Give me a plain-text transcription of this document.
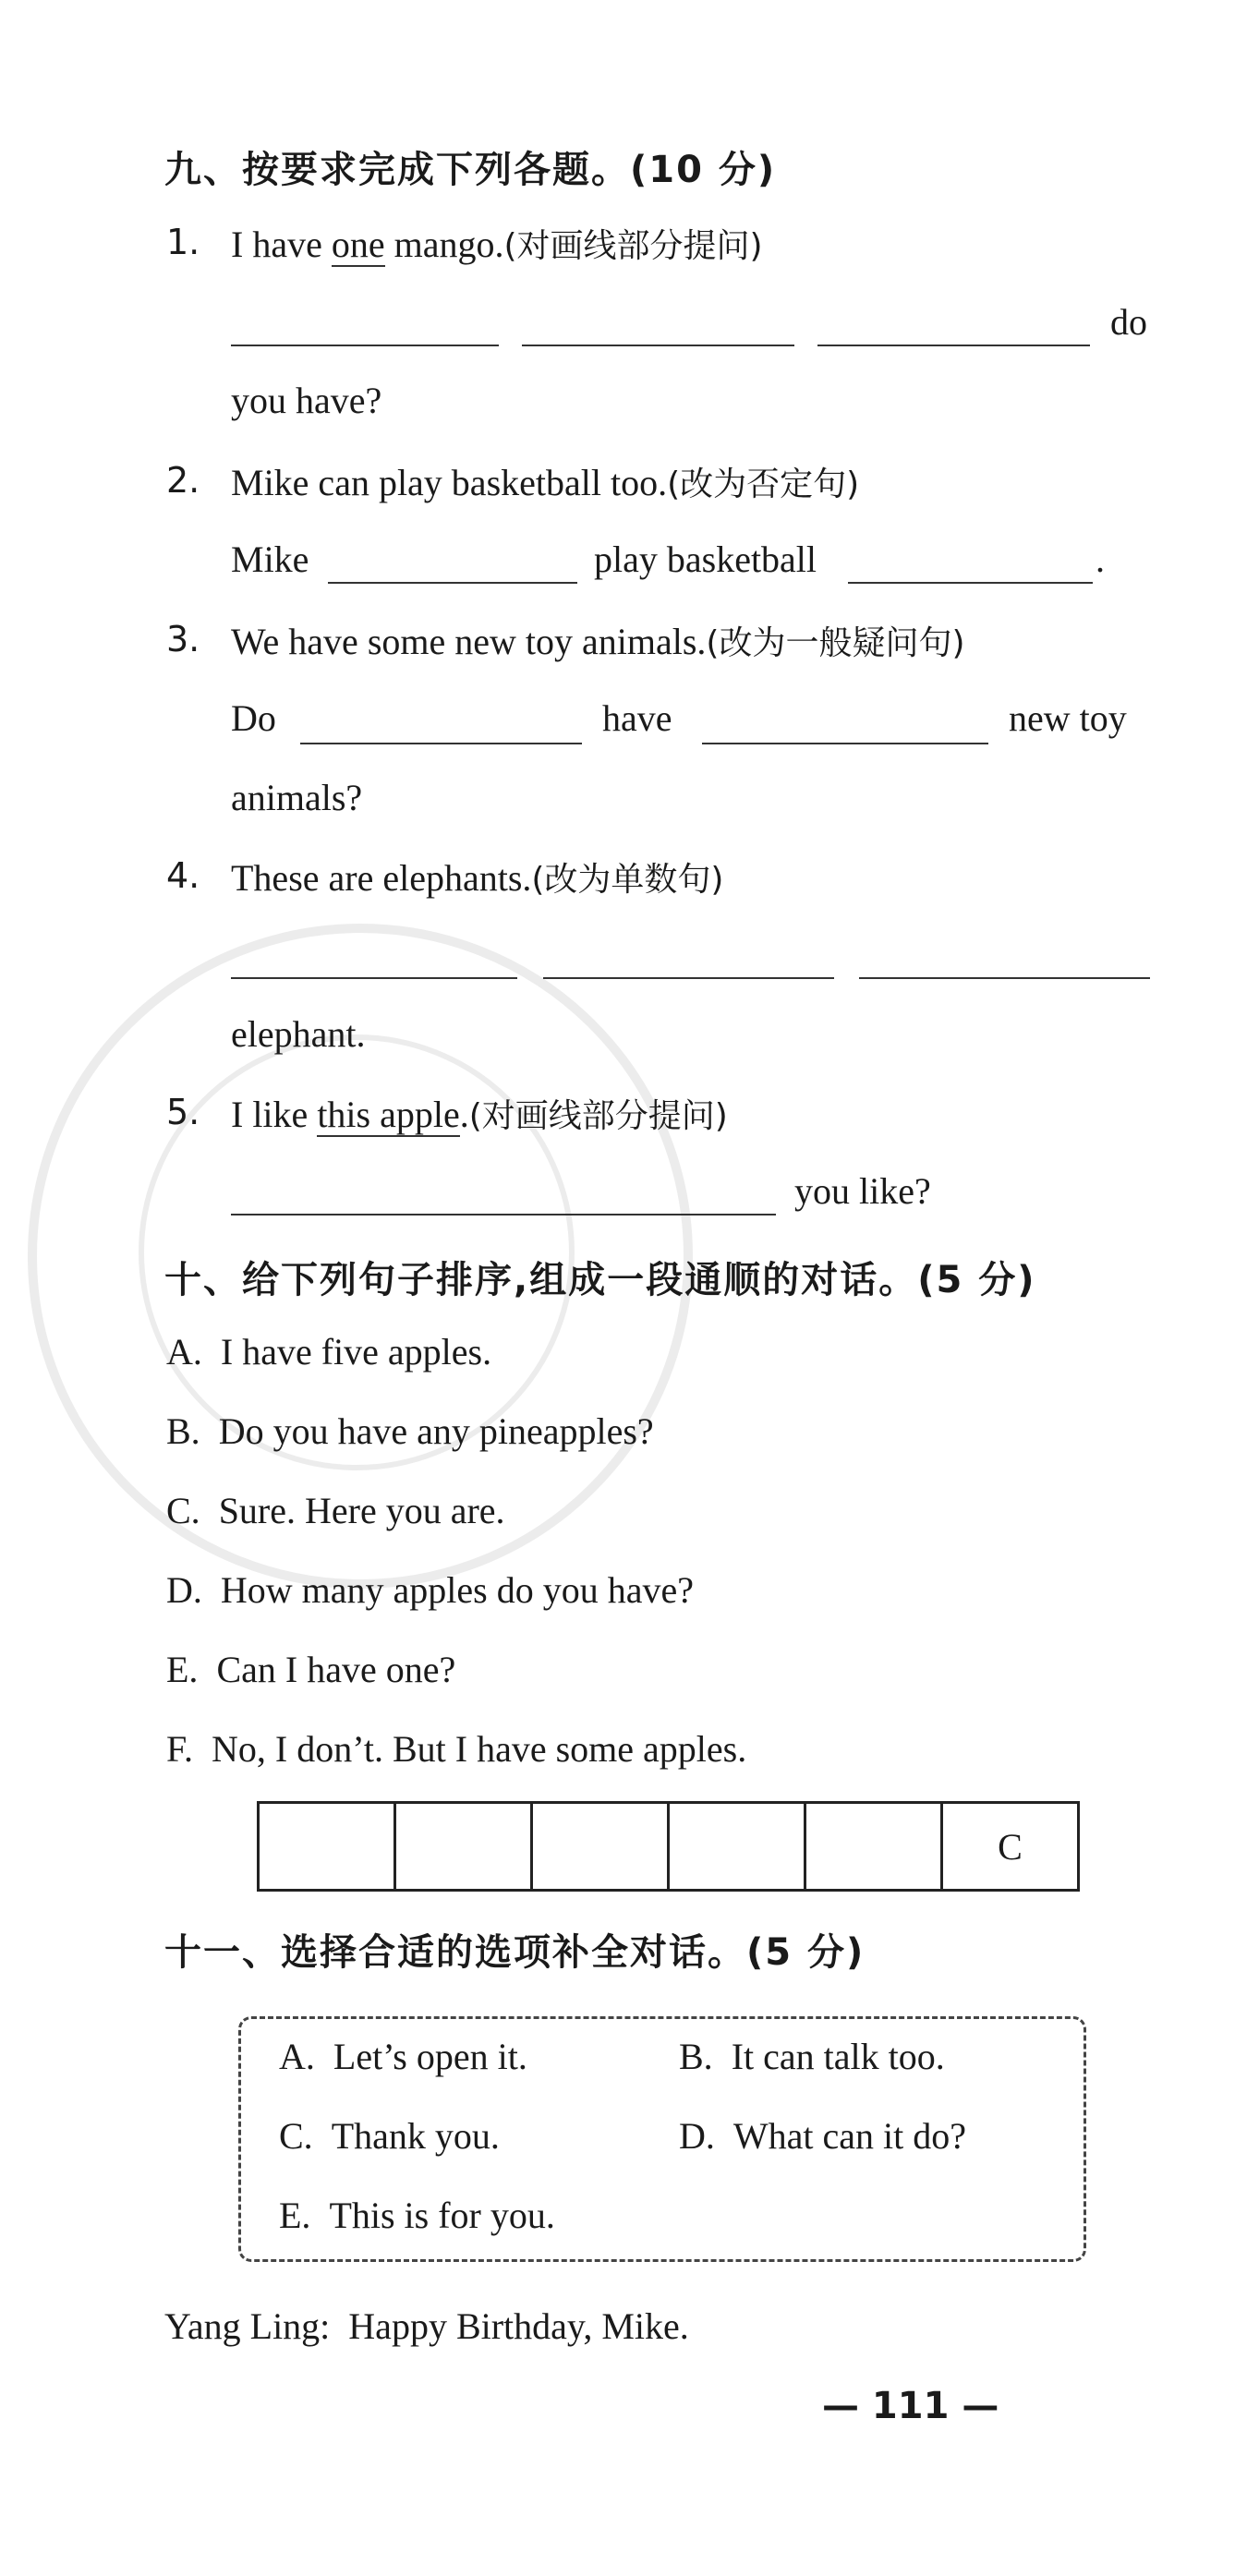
九、按要求完成下列各题。(10 分)
1. I have one mango.(对画线部分提问)
do
you have?
2. Mike can play basketball too.(改为否定句)
Mike	play basketball	.
3. We have some new toy animals.(改为一般疑问句)
Do	have	new toy
animals?
4. These are elephants.(改为单数句)
elephant.
5. I like this apple.(对画线部分提问)
you like?
十、给下列句子排序,组成一段通顺的对话。(5 分)
A. I have five apples.
B. Do you have any pineapples?
C. Sure. Here you are.
D. How many apples do you have?
E. Can I have one?
F. No, I don’t. But I have some apples.
					C
十一、选择合适的选项补全对话。(5 分)
A. Let’s open it.	B. It can talk too.
C. Thank you.	D. What can it do?
E. This is for you.
Yang Ling: Happy Birthday, Mike.
— 111 —
